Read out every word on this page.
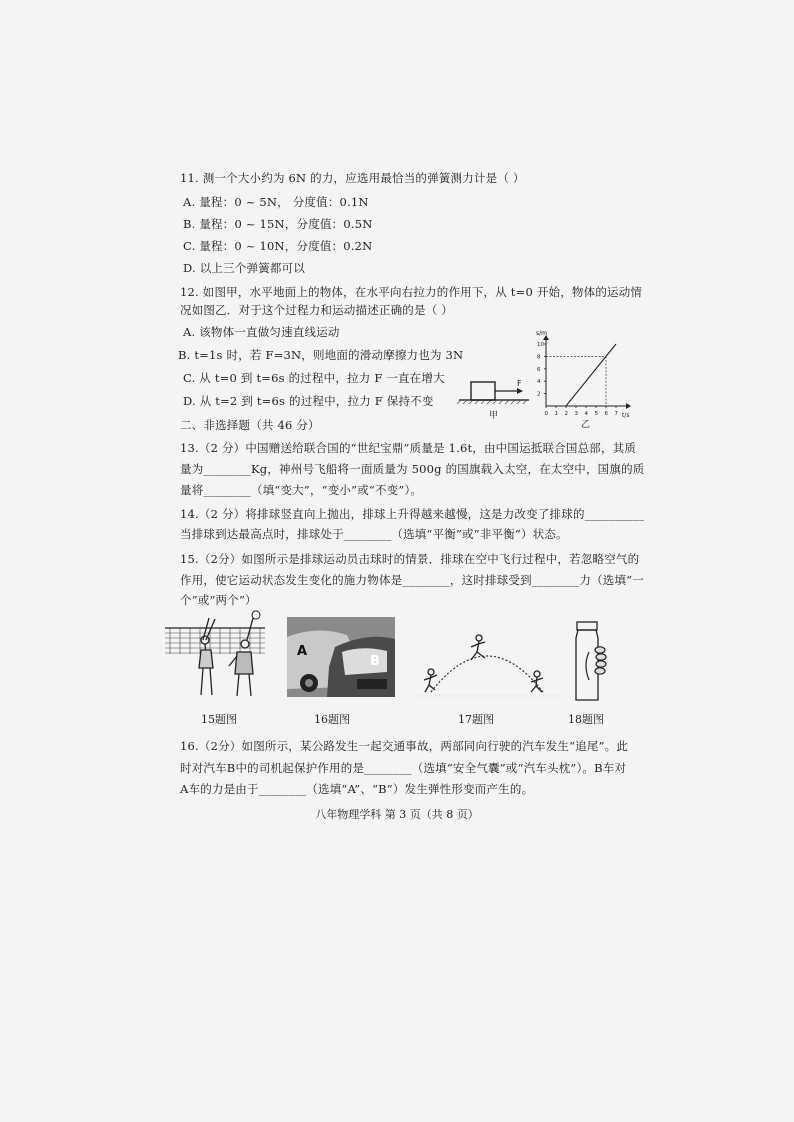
11. 测一个大小约为 6N 的力，应选用最恰当的弹簧测力计是（ ）
A. 量程：0 ~ 5N， 分度值：0.1N
B. 量程：0 ~ 15N，分度值：0.5N
C. 量程：0 ~ 10N，分度值：0.2N
D. 以上三个弹簧都可以
12. 如图甲，水平地面上的物体，在水平向右拉力的作用下，从 t=0 开始，物体的运动情
况如图乙．对于这个过程力和运动描述正确的是（ ）
A. 该物体一直做匀速直线运动
B. t=1s 时，若 F=3N，则地面的滑动摩擦力也为 3N
C. 从 t=0 到 t=6s 的过程中，拉力 F 一直在增大
D. 从 t=2 到 t=6s 的过程中，拉力 F 保持不变
F
甲
s/m
t/s
10
8
6
4
2
0 1 2 3 4 5 6 7
乙
二、非选择题（共 46 分）
13.（2 分）中国赠送给联合国的“世纪宝鼎”质量是 1.6t，由中国运抵联合国总部，其质
量为________Kg，神州号飞船将一面质量为 500g 的国旗载入太空，在太空中，国旗的质
量将________（填“变大”，“变小”或“不变”）。
14.（2 分）将排球竖直向上抛出，排球上升得越来越慢，这是力改变了排球的__________
当排球到达最高点时，排球处于________（选填“平衡”或“非平衡”）状态。
15.（2分）如图所示是排球运动员击球时的情景．排球在空中飞行过程中，若忽略空气的
作用，使它运动状态发生变化的施力物体是________，这时排球受到________力（选填“一
个”或“两个”）
A
B
15题图	16题图	17题图	18题图
16.（2分）如图所示，某公路发生一起交通事故，两部同向行驶的汽车发生“追尾”。此
时对汽车B中的司机起保护作用的是________（选填“安全气囊”或“汽车头枕”）。B车对
A车的力是由于________（选填“A”、“B”）发生弹性形变而产生的。
八年物理学科 第 3 页（共 8 页）
